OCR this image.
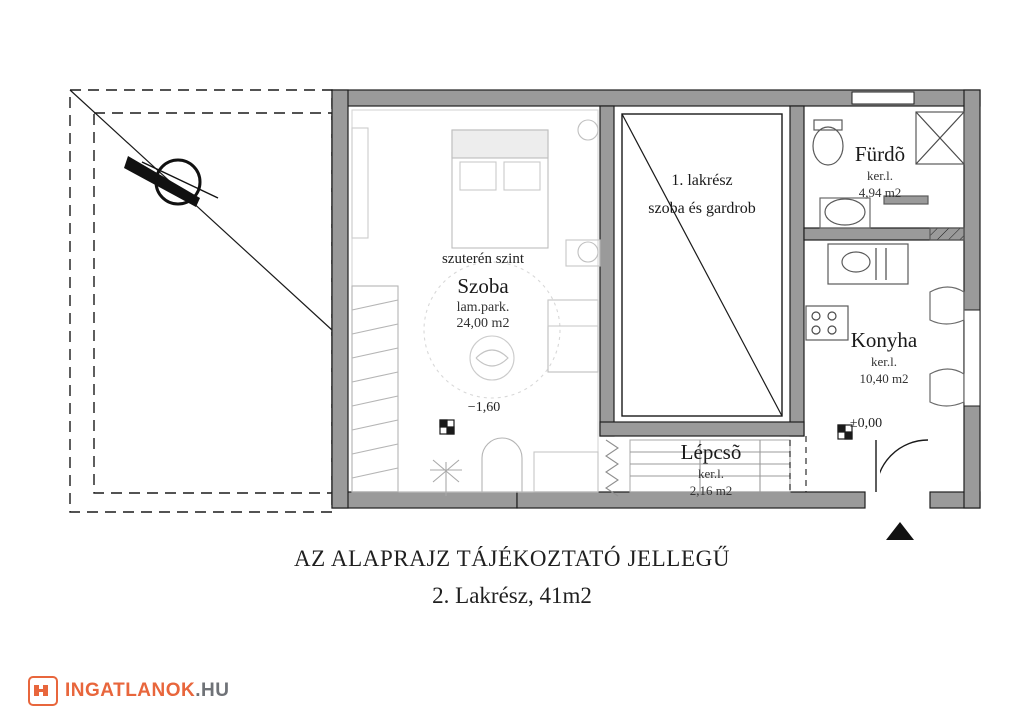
szuterén szint
Szoba
lam.park.
24,00 m2
−1,60
1. lakrész
szoba és gardrob
Fürdõ
ker.l.
4,94 m2
Konyha
ker.l.
10,40 m2
±0,00
Lépcsõ
ker.l.
2,16 m2
AZ ALAPRAJZ TÁJÉKOZTATÓ JELLEGŰ
2. Lakrész, 41m2
INGATLANOK.HU
